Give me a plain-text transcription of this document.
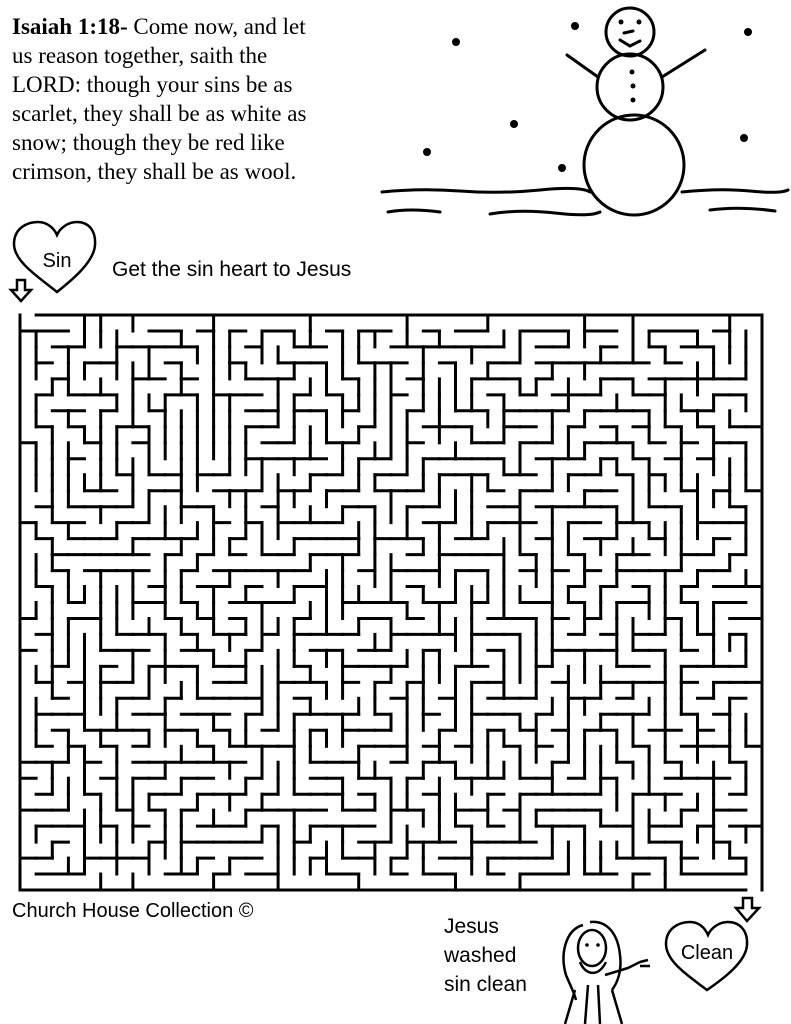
Isaiah 1:18- Come now, and let
us reason together, saith the
LORD: though your sins be as
scarlet, they shall be as white as
snow; though they be red like
crimson, they shall be as wool.
Sin
Clean
Get the sin heart to Jesus
Church House Collection ©
Jesus
washed
sin clean
